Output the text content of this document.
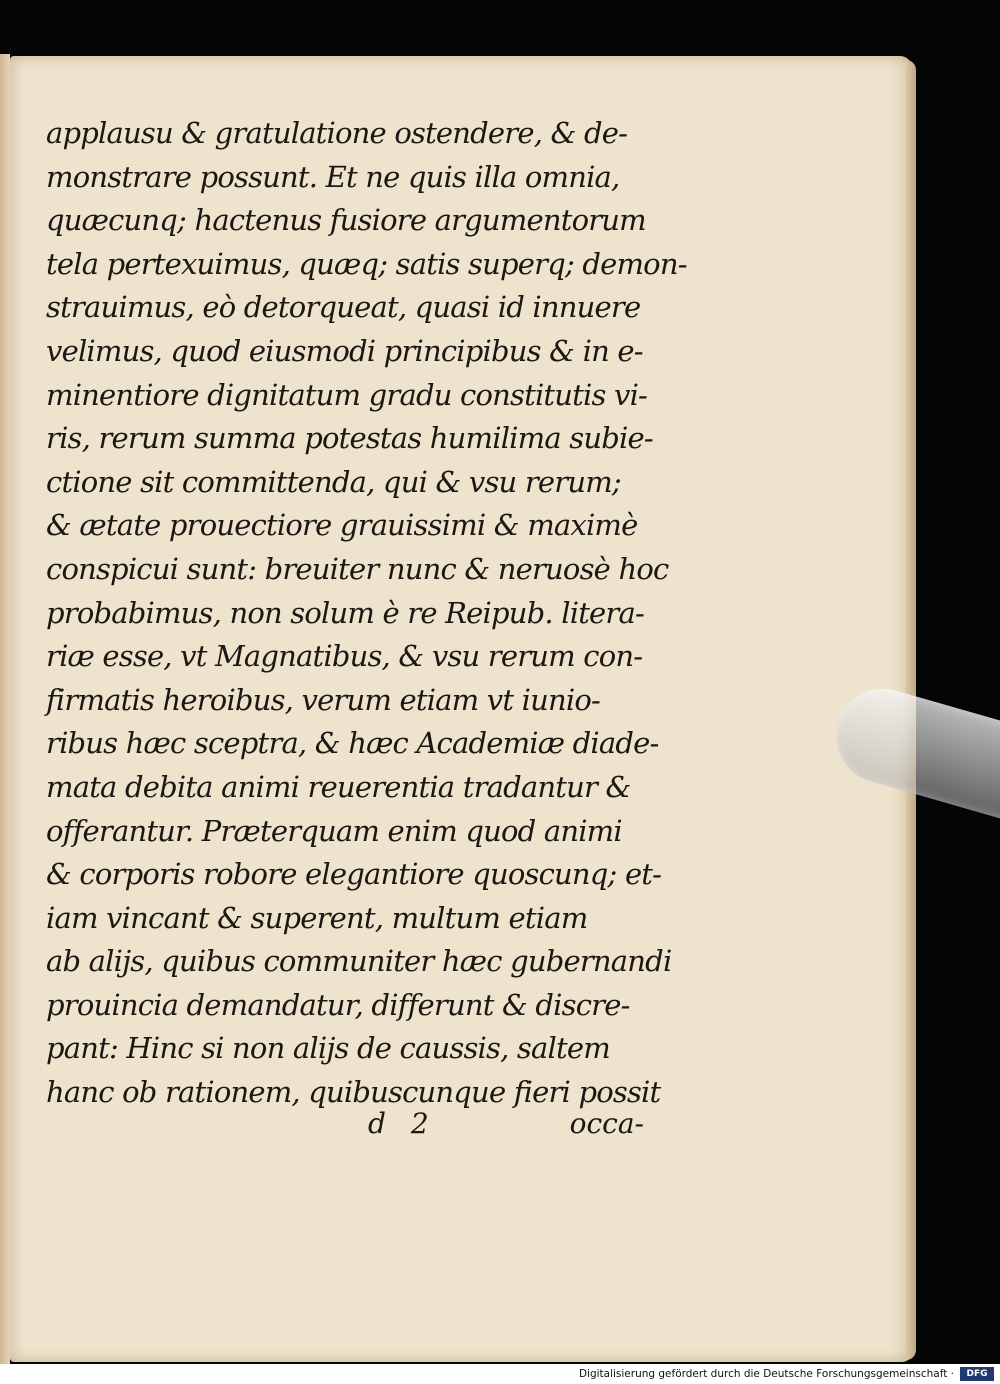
applausu & gratulatione ostendere, & de-
monstrare possunt. Et ne quis illa omnia,
quæcunq; hactenus fusiore argumentorum
tela pertexuimus, quæq; satis superq; demon-
strauimus, eò detorqueat, quasi id innuere
velimus, quod eiusmodi principibus & in e-
minentiore dignitatum gradu constitutis vi-
ris, rerum summa potestas humilima subie-
ctione sit committenda, qui & vsu rerum;
& ætate prouectiore grauissimi & maximè
conspicui sunt: breuiter nunc & neruosè hoc
probabimus, non solum è re Reipub. litera-
riæ esse, vt Magnatibus, & vsu rerum con-
firmatis heroibus, verum etiam vt iunio-
ribus hæc sceptra, & hæc Academiæ diade-
mata debita animi reuerentia tradantur &
offerantur. Præterquam enim quod animi
& corporis robore elegantiore quoscunq; et-
iam vincant & superent, multum etiam
ab alijs, quibus communiter hæc gubernandi
prouincia demandatur, differunt & discre-
pant: Hinc si non alijs de caussis, saltem
hanc ob rationem, quibuscunque fieri possit
d 2	occa-
Digitalisierung gefördert durch die Deutsche Forschungsgemeinschaft ·	DFG
